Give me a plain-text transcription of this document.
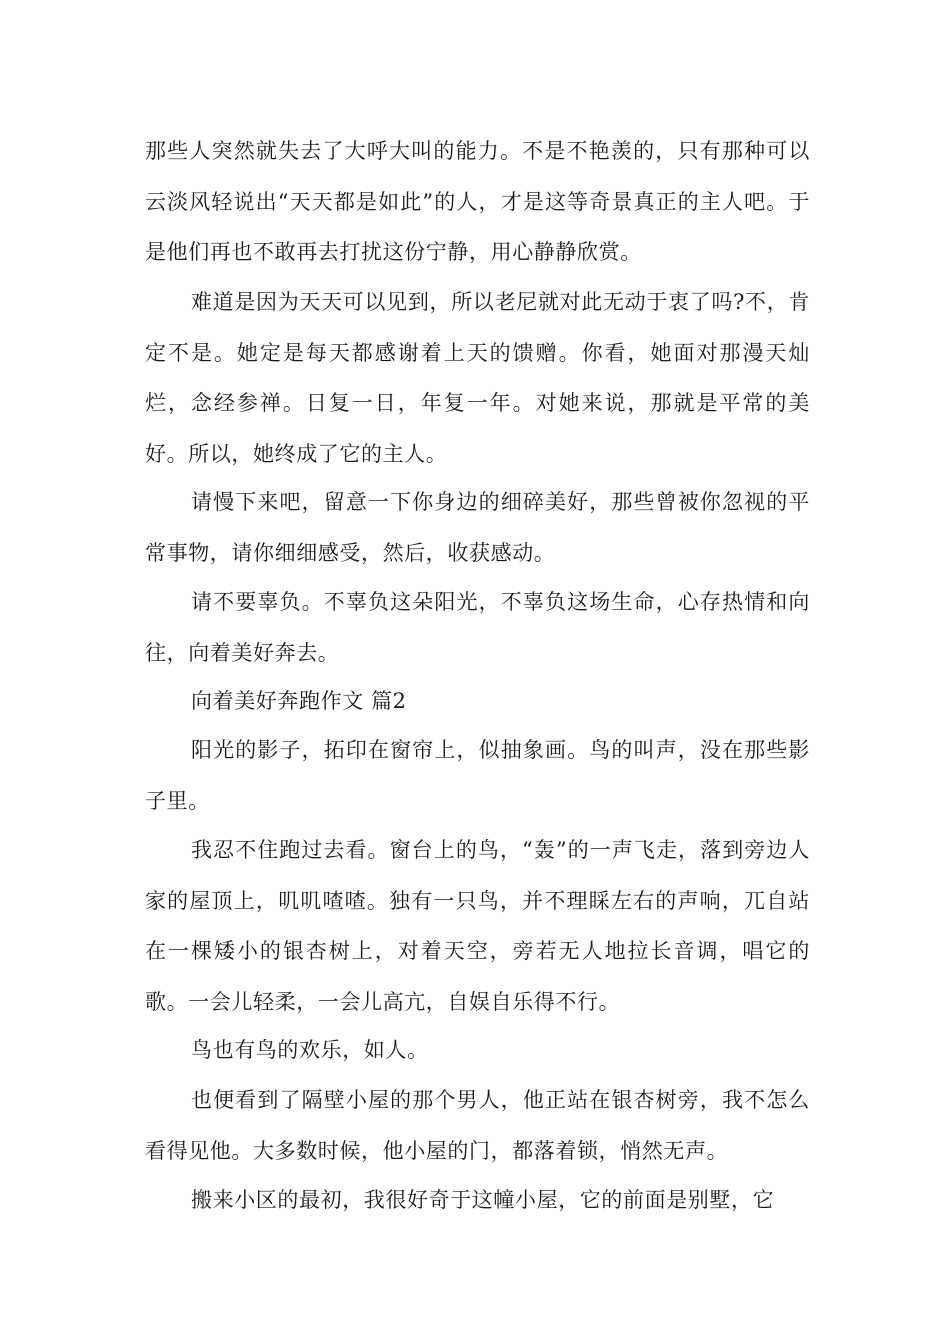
那些人突然就失去了大呼大叫的能力。不是不艳羡的，只有那种可以云淡风轻说出“天天都是如此”的人，才是这等奇景真正的主人吧。于是他们再也不敢再去打扰这份宁静，用心静静欣赏。

难道是因为天天可以见到，所以老尼就对此无动于衷了吗?不，肯定不是。她定是每天都感谢着上天的馈赠。你看，她面对那漫天灿烂，念经参禅。日复一日，年复一年。对她来说，那就是平常的美好。所以，她终成了它的主人。

请慢下来吧，留意一下你身边的细碎美好，那些曾被你忽视的平常事物，请你细细感受，然后，收获感动。

请不要辜负。不辜负这朵阳光，不辜负这场生命，心存热情和向往，向着美好奔去。

向着美好奔跑作文 篇2

阳光的影子，拓印在窗帘上，似抽象画。鸟的叫声，没在那些影子里。

我忍不住跑过去看。窗台上的鸟，“轰”的一声飞走，落到旁边人家的屋顶上，叽叽喳喳。独有一只鸟，并不理睬左右的声响，兀自站在一棵矮小的银杏树上，对着天空，旁若无人地拉长音调，唱它的歌。一会儿轻柔，一会儿高亢，自娱自乐得不行。

鸟也有鸟的欢乐，如人。

也便看到了隔壁小屋的那个男人，他正站在银杏树旁，我不怎么看得见他。大多数时候，他小屋的门，都落着锁，悄然无声。

搬来小区的最初，我很好奇于这幢小屋，它的前面是别墅，它
